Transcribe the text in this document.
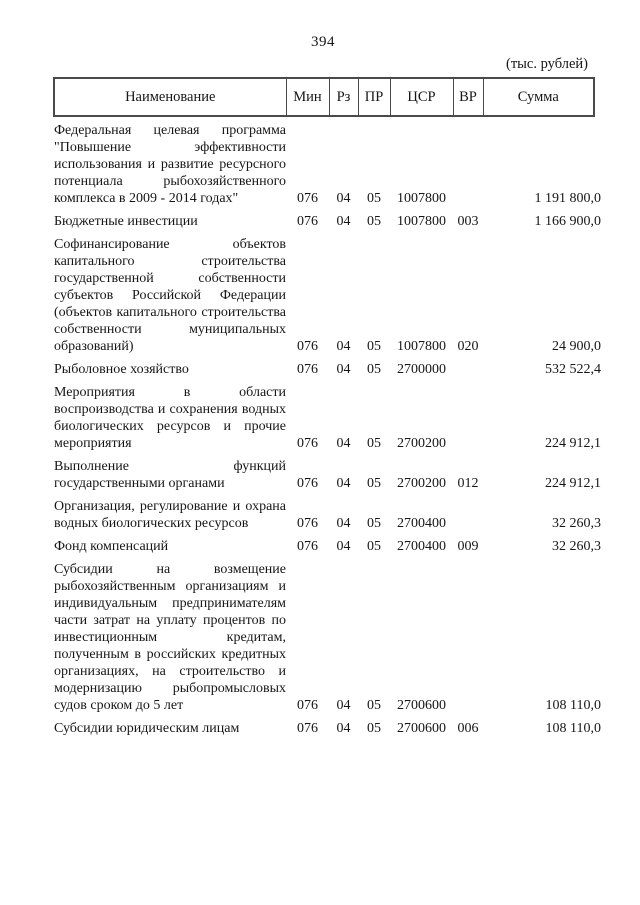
394
(тыс. рублей)
Наименование	Мин	Рз	ПР	ЦСР	ВР	Сумма
Федеральная целевая программа "Повышение эффективности использования и развитие ресурсного потенциала рыбохозяйственного комплекса в 2009 - 2014 годах"	076	04	05	1007800		1 191 800,0
Бюджетные инвестиции	076	04	05	1007800	003	1 166 900,0
Софинансирование объектов капитального строительства государственной собственности субъектов Российской Федерации (объектов капитального строительства собственности муниципальных образований)	076	04	05	1007800	020	24 900,0
Рыболовное хозяйство	076	04	05	2700000		532 522,4
Мероприятия в области воспроизводства и сохранения водных биологических ресурсов и прочие мероприятия	076	04	05	2700200		224 912,1
Выполнение функций государственными органами	076	04	05	2700200	012	224 912,1
Организация, регулирование и охрана водных биологических ресурсов	076	04	05	2700400		32 260,3
Фонд компенсаций	076	04	05	2700400	009	32 260,3
Субсидии на возмещение рыбохозяйственным организациям и индивидуальным предпринимателям части затрат на уплату процентов по инвестиционным кредитам, полученным в российских кредитных организациях, на строительство и модернизацию рыбопромысловых судов сроком до 5 лет	076	04	05	2700600		108 110,0
Субсидии юридическим лицам	076	04	05	2700600	006	108 110,0
